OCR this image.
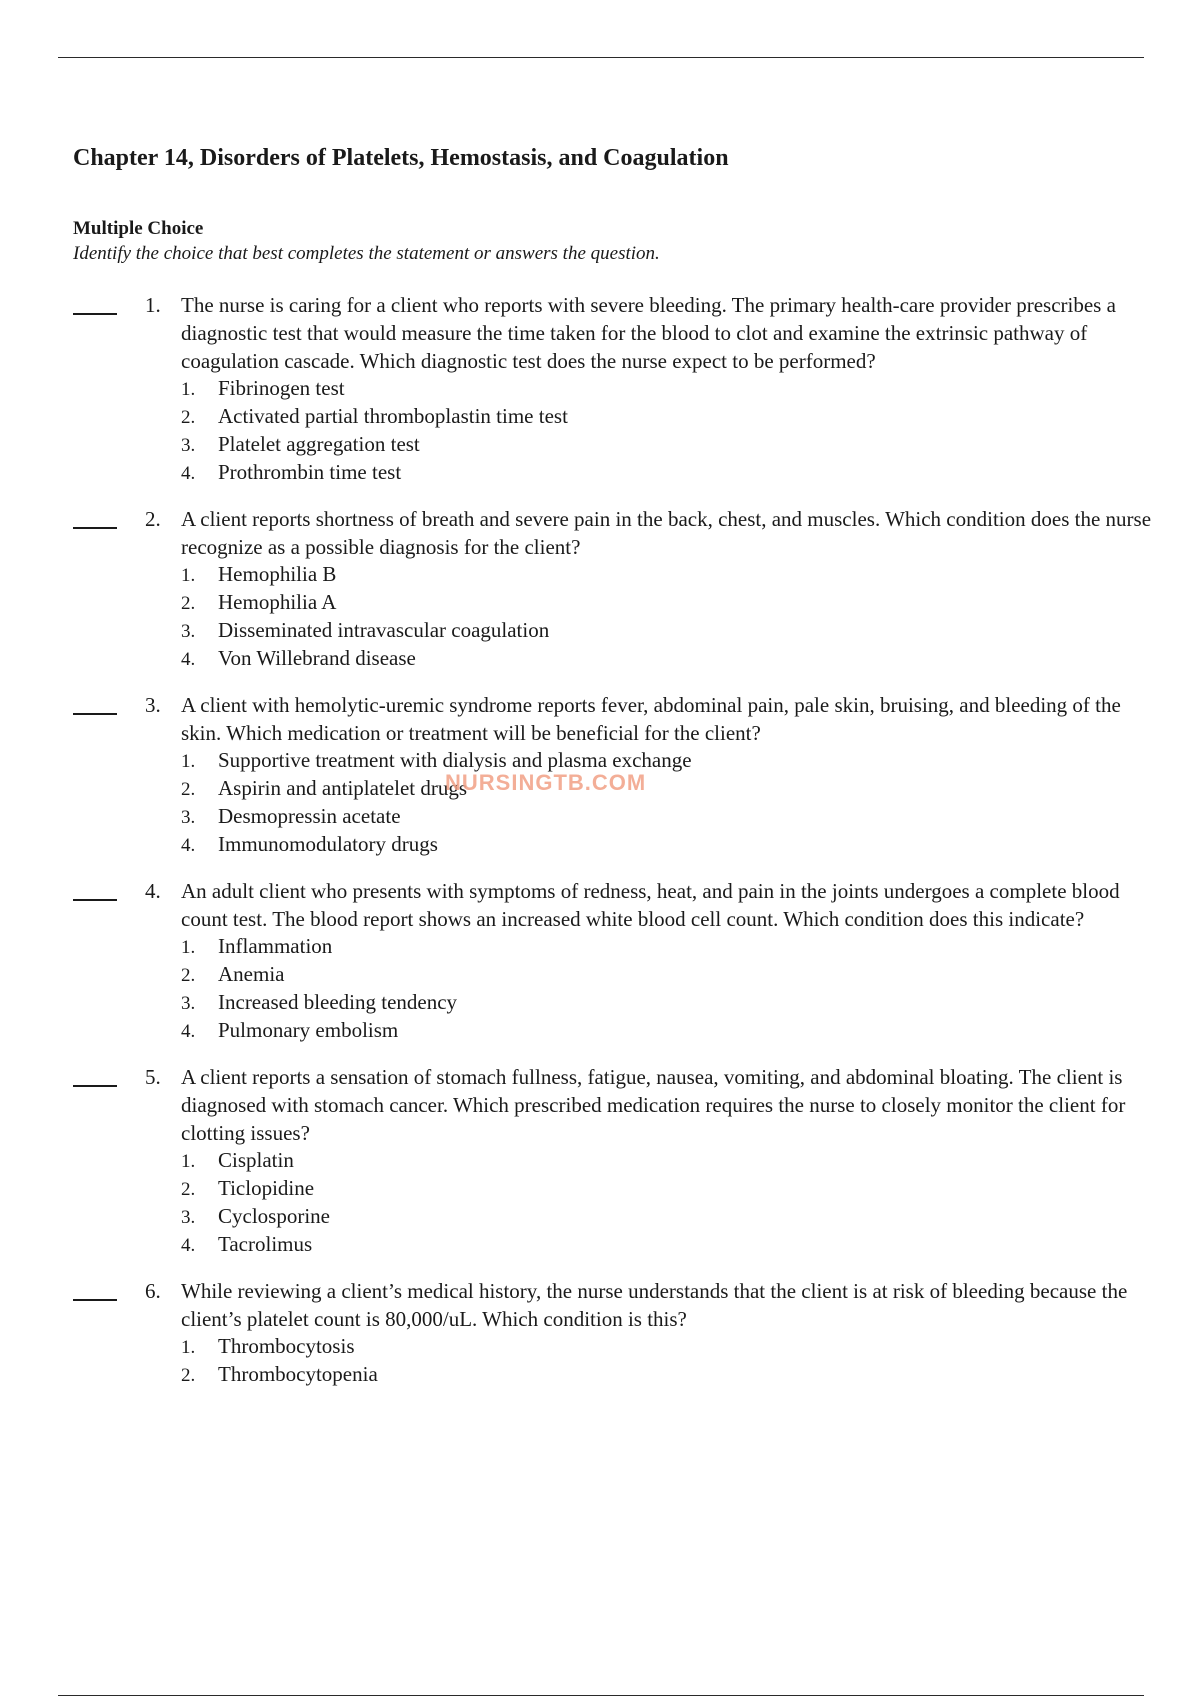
Chapter 14, Disorders of Platelets, Hemostasis, and Coagulation
Multiple Choice
Identify the choice that best completes the statement or answers the question.
1. The nurse is caring for a client who reports with severe bleeding. The primary health-care provider prescribes a diagnostic test that would measure the time taken for the blood to clot and examine the extrinsic pathway of coagulation cascade. Which diagnostic test does the nurse expect to be performed?
1. Fibrinogen test
2. Activated partial thromboplastin time test
3. Platelet aggregation test
4. Prothrombin time test
2. A client reports shortness of breath and severe pain in the back, chest, and muscles. Which condition does the nurse recognize as a possible diagnosis for the client?
1. Hemophilia B
2. Hemophilia A
3. Disseminated intravascular coagulation
4. Von Willebrand disease
3. A client with hemolytic-uremic syndrome reports fever, abdominal pain, pale skin, bruising, and bleeding of the skin. Which medication or treatment will be beneficial for the client?
1. Supportive treatment with dialysis and plasma exchange
2. Aspirin and antiplatelet drugs
3. Desmopressin acetate
4. Immunomodulatory drugs
4. An adult client who presents with symptoms of redness, heat, and pain in the joints undergoes a complete blood count test. The blood report shows an increased white blood cell count. Which condition does this indicate?
1. Inflammation
2. Anemia
3. Increased bleeding tendency
4. Pulmonary embolism
5. A client reports a sensation of stomach fullness, fatigue, nausea, vomiting, and abdominal bloating. The client is diagnosed with stomach cancer. Which prescribed medication requires the nurse to closely monitor the client for clotting issues?
1. Cisplatin
2. Ticlopidine
3. Cyclosporine
4. Tacrolimus
6. While reviewing a client’s medical history, the nurse understands that the client is at risk of bleeding because the client’s platelet count is 80,000/uL. Which condition is this?
1. Thrombocytosis
2. Thrombocytopenia
NURSINGTB.COM
